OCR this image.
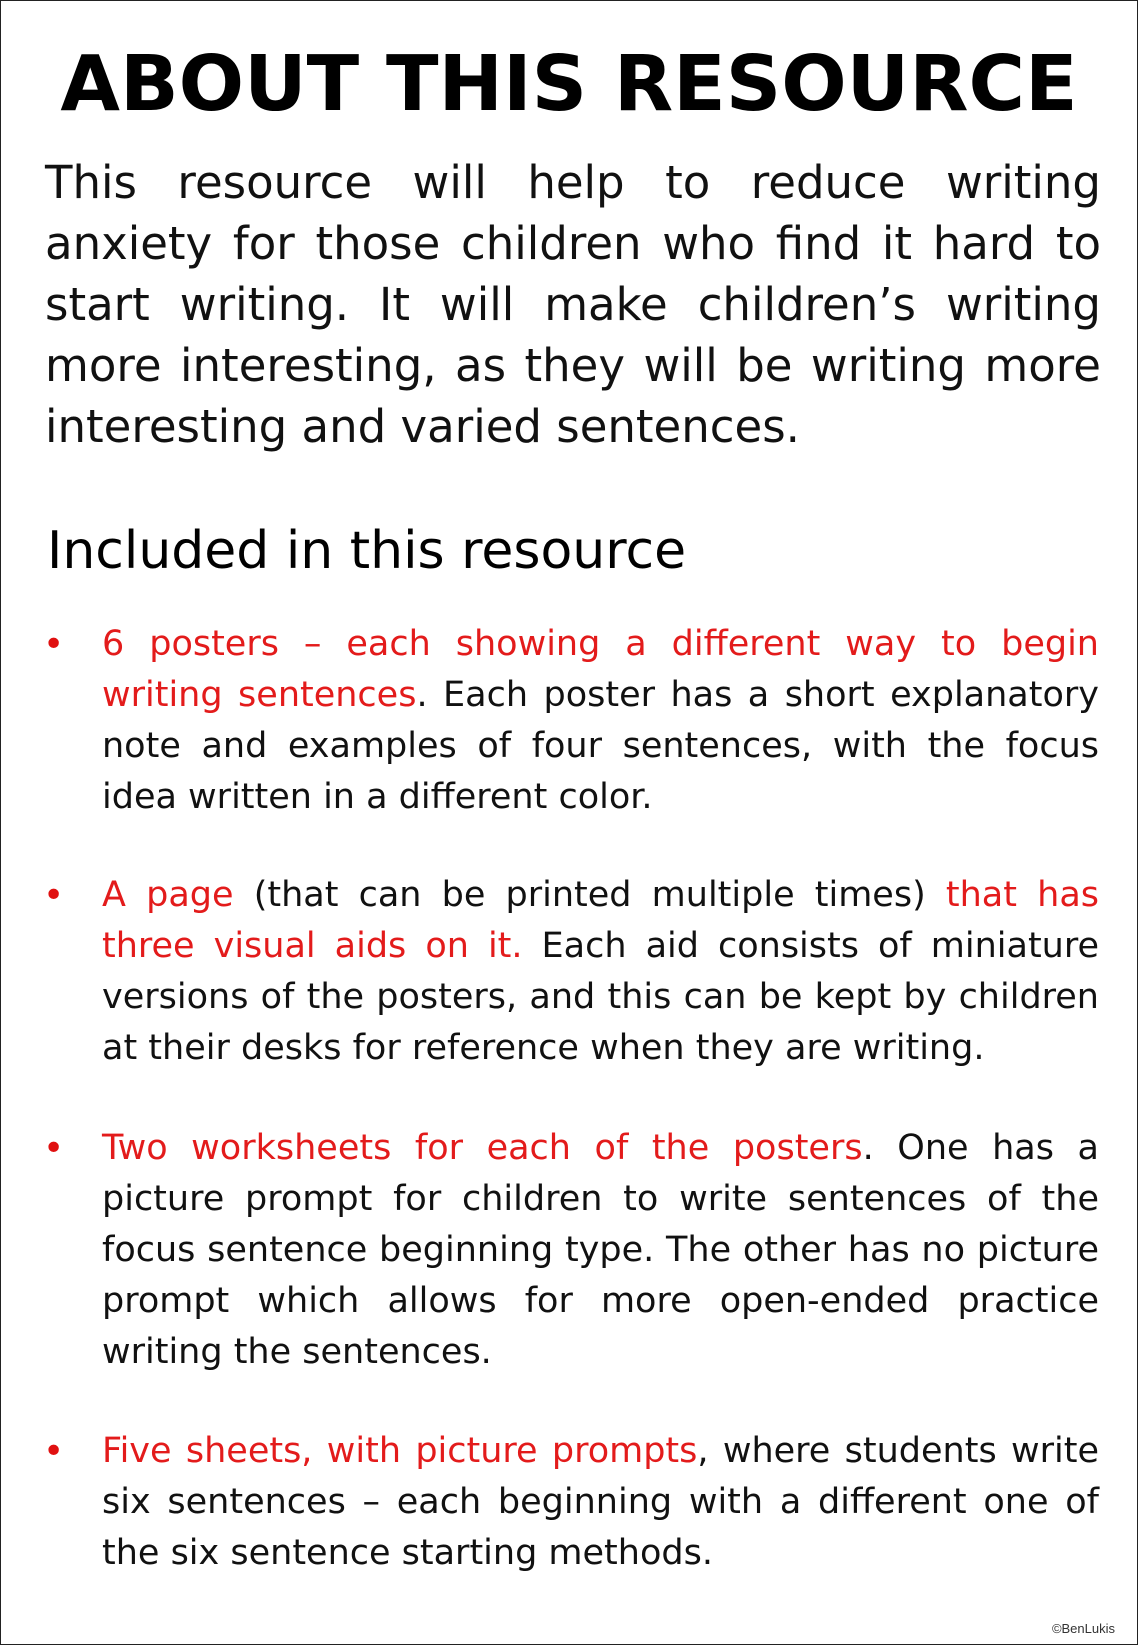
ABOUT THIS RESOURCE

This resource will help to reduce writing anxiety for those children who find it hard to start writing. It will make children’s writing more interesting, as they will be writing more interesting and varied sentences.

Included in this resource
• 6 posters – each showing a different way to begin writing sentences. Each poster has a short explanatory note and examples of four sentences, with the focus idea written in a different color.

• A page (that can be printed multiple times) that has three visual aids on it. Each aid consists of miniature versions of the posters, and this can be kept by children at their desks for reference when they are writing.

• Two worksheets for each of the posters. One has a picture prompt for children to write sentences of the focus sentence beginning type. The other has no picture prompt which allows for more open-ended practice writing the sentences.

• Five sheets, with picture prompts, where students write six sentences – each beginning with a different one of the six sentence starting methods.

©BenLukis
